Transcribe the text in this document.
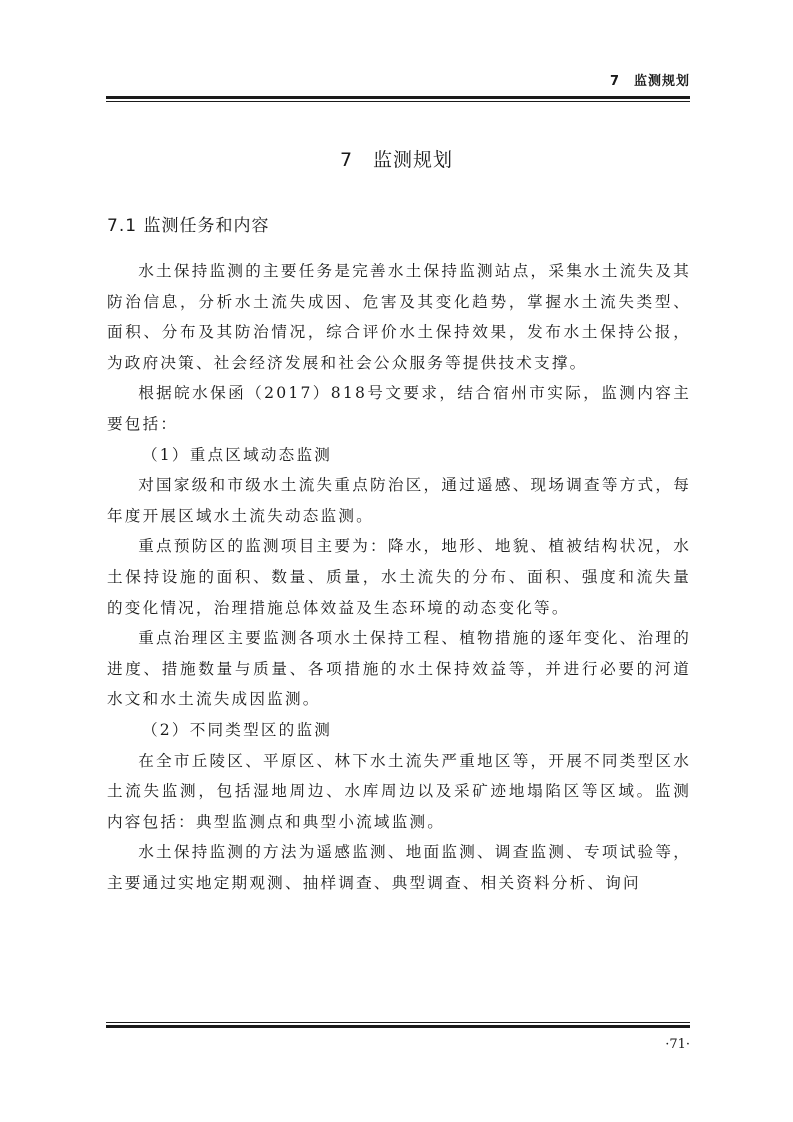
7　监测规划
7　监测规划
7.1 监测任务和内容

水土保持监测的主要任务是完善水土保持监测站点，采集水土流失及其防治信息，分析水土流失成因、危害及其变化趋势，掌握水土流失类型、面积、分布及其防治情况，综合评价水土保持效果，发布水土保持公报，为政府决策、社会经济发展和社会公众服务等提供技术支撑。

根据皖水保函（2017）818号文要求，结合宿州市实际，监测内容主要包括：

（1）重点区域动态监测

对国家级和市级水土流失重点防治区，通过遥感、现场调查等方式，每年度开展区域水土流失动态监测。

重点预防区的监测项目主要为：降水，地形、地貌、植被结构状况，水土保持设施的面积、数量、质量，水土流失的分布、面积、强度和流失量的变化情况，治理措施总体效益及生态环境的动态变化等。

重点治理区主要监测各项水土保持工程、植物措施的逐年变化、治理的进度、措施数量与质量、各项措施的水土保持效益等，并进行必要的河道水文和水土流失成因监测。

（2）不同类型区的监测

在全市丘陵区、平原区、林下水土流失严重地区等，开展不同类型区水土流失监测，包括湿地周边、水库周边以及采矿迹地塌陷区等区域。监测内容包括：典型监测点和典型小流域监测。

水土保持监测的方法为遥感监测、地面监测、调查监测、专项试验等，主要通过实地定期观测、抽样调查、典型调查、相关资料分析、询问

·71·
